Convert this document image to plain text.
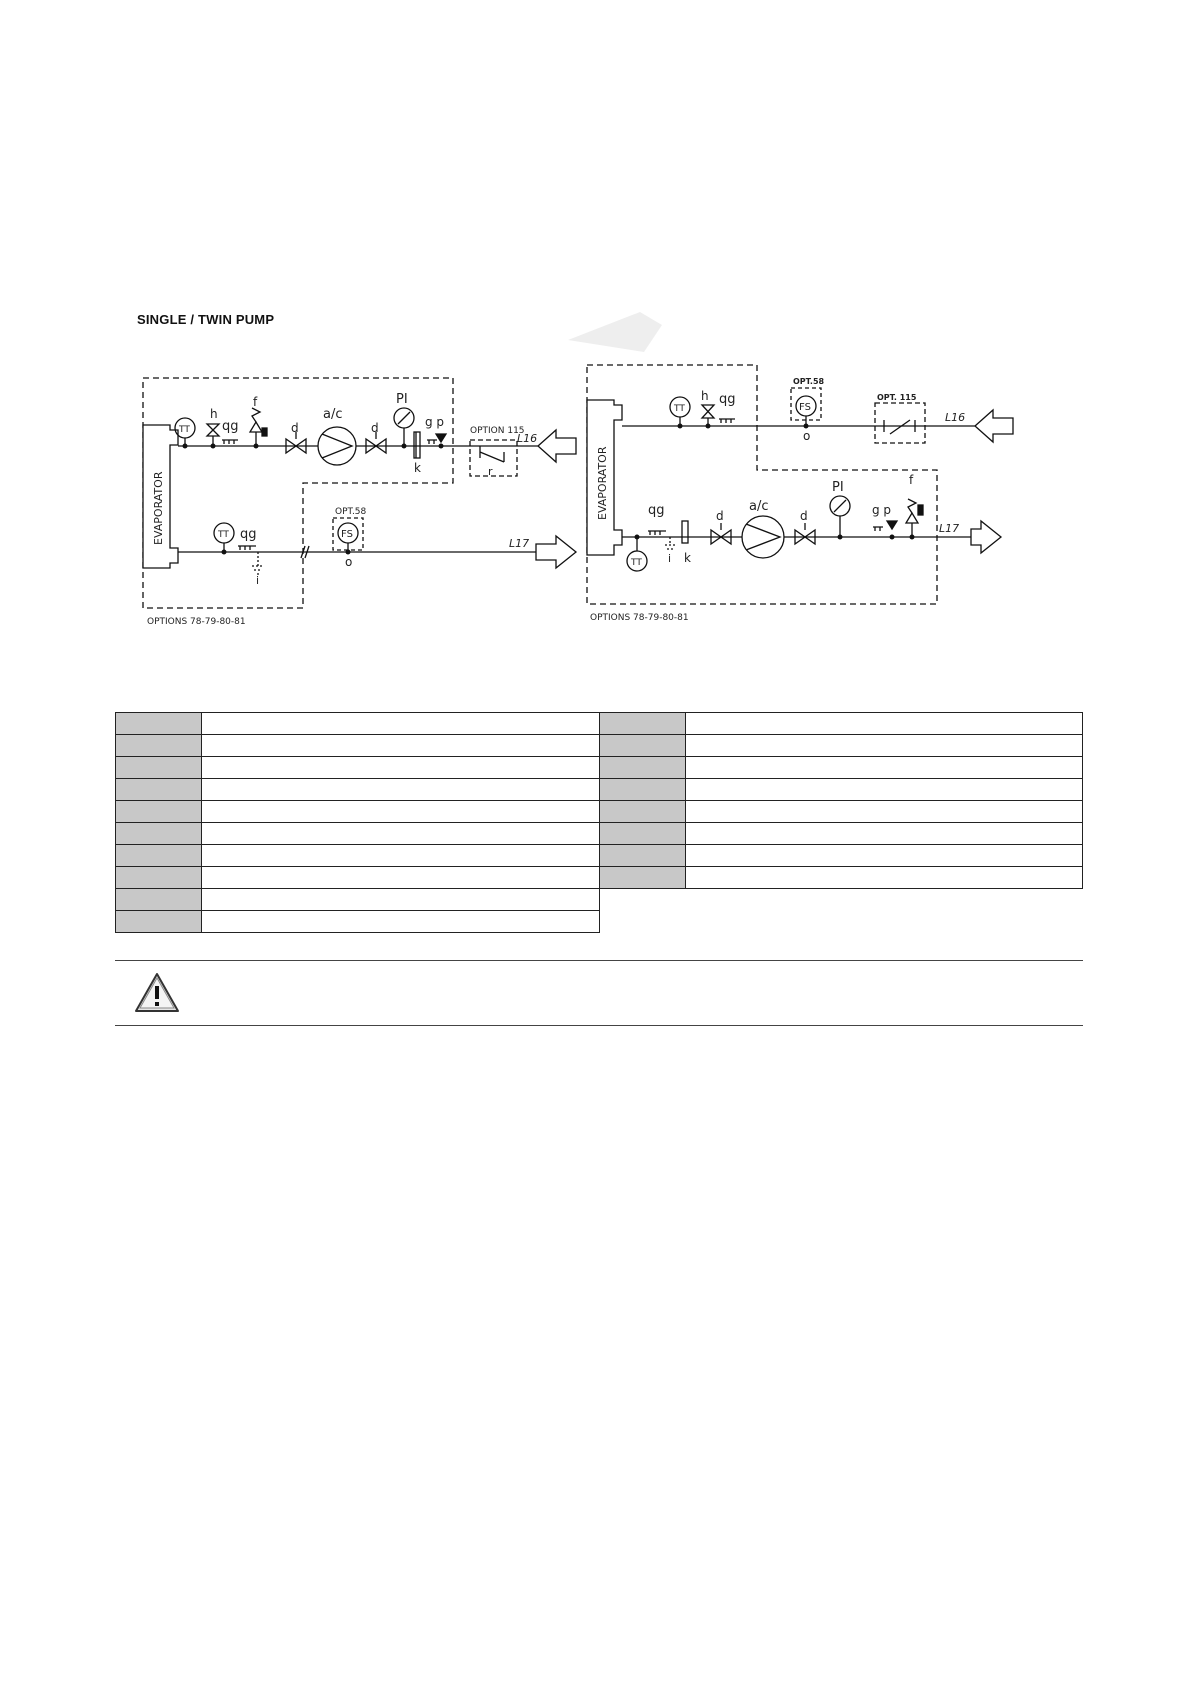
SINGLE / TWIN PUMP
EVAPORATOR
TT
TT
h
qg
f
d
a/c
d
PI
g p
k
OPTION 115
r
L16
qg
i
OPT.58
FS
o
L17
OPTIONS 78-79-80-81
EVAPORATOR
TT
TT
h qg
OPT.58
FS
o
OPT. 115
L16
qg
i k
d
a/c
d
PI
g p
f
L17
OPTIONS 78-79-80-81
